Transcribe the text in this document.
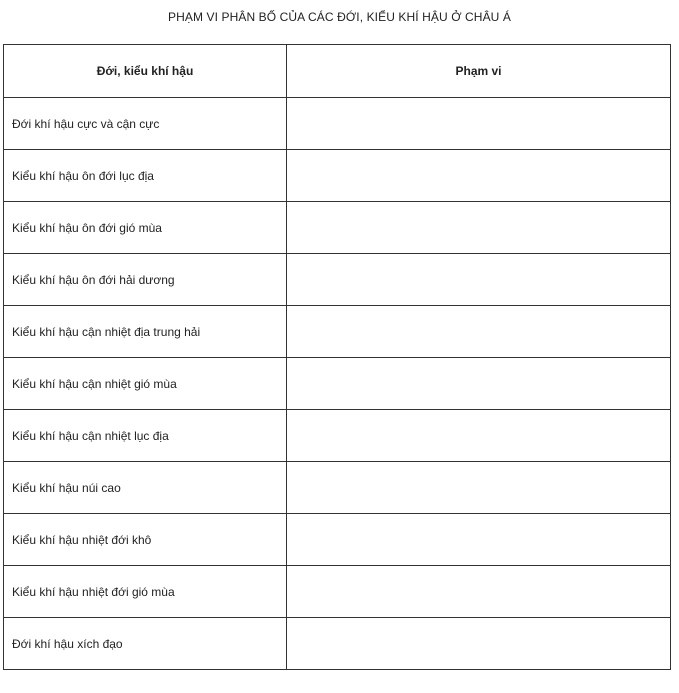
PHẠM VI PHÂN BỐ CỦA CÁC ĐỚI, KIỂU KHÍ HẬU Ở CHÂU Á
Đới, kiểu khí hậu	Phạm vi
Đới khí hậu cực và cận cực	
Kiểu khí hậu ôn đới lục địa	
Kiểu khí hậu ôn đới gió mùa	
Kiểu khí hậu ôn đới hải dương	
Kiểu khí hậu cận nhiệt địa trung hải	
Kiểu khí hậu cận nhiệt gió mùa	
Kiểu khí hậu cận nhiệt lục địa	
Kiểu khí hậu núi cao	
Kiểu khí hậu nhiệt đới khô	
Kiểu khí hậu nhiệt đới gió mùa	
Đới khí hậu xích đạo	
